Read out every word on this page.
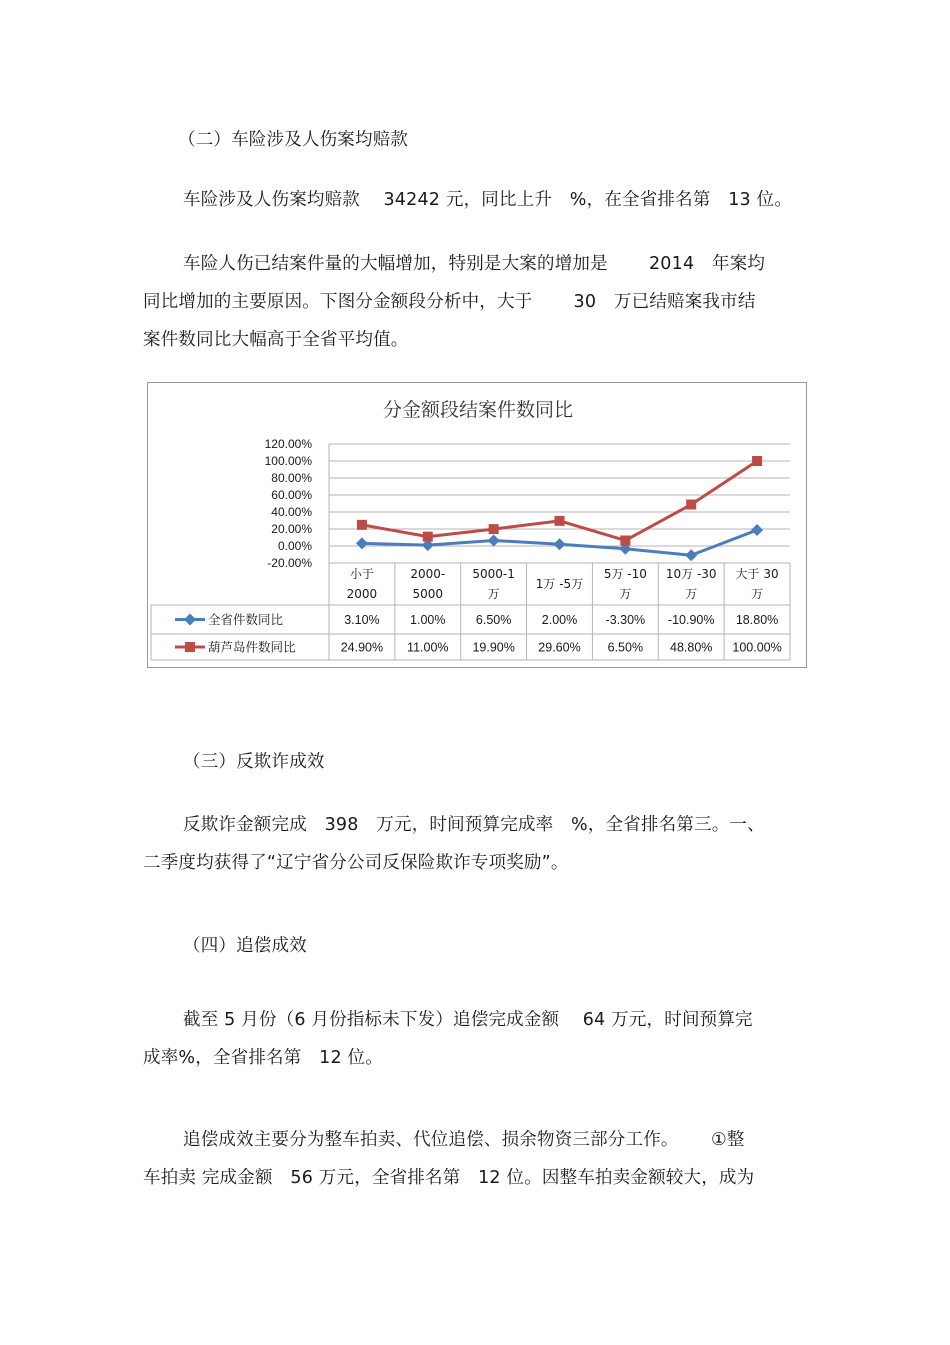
（二）车险涉及人伤案均赔款

车险涉及人伤案均赔款　 34242 元，同比上升　%，在全省排名第　13 位。

车险人伤已结案件量的大幅增加，特别是大案的增加是　　 2014　年案均
同比增加的主要原因。下图分金额段分析中，大于　　 30　万已结赔案我市结
案件数同比大幅高于全省平均值。

分金额段结案件数同比
120.00%
100.00%
80.00%
60.00%
40.00%
20.00%
0.00%
-20.00%
小于
2000
2000-
5000
5000-1
万
1万 -5万
5万 -10
万
10万 -30
万
大于 30
万
全省件数同比	3.10% 1.00% 6.50% 2.00% -3.30% -10.90% 18.80%
葫芦岛件数同比	24.90% 11.00% 19.90% 29.60% 6.50% 48.80% 100.00%

（三）反欺诈成效

反欺诈金额完成　398　万元，时间预算完成率　%，全省排名第三。一、
二季度均获得了“辽宁省分公司反保险欺诈专项奖励”。

（四）追偿成效

截至 5 月份（6 月份指标未下发）追偿完成金额　 64 万元，时间预算完
成率%，全省排名第　12 位。

追偿成效主要分为整车拍卖、代位追偿、损余物资三部分工作。　　 ①整
车拍卖 完成金额　56 万元，全省排名第　12 位。因整车拍卖金额较大，成为
